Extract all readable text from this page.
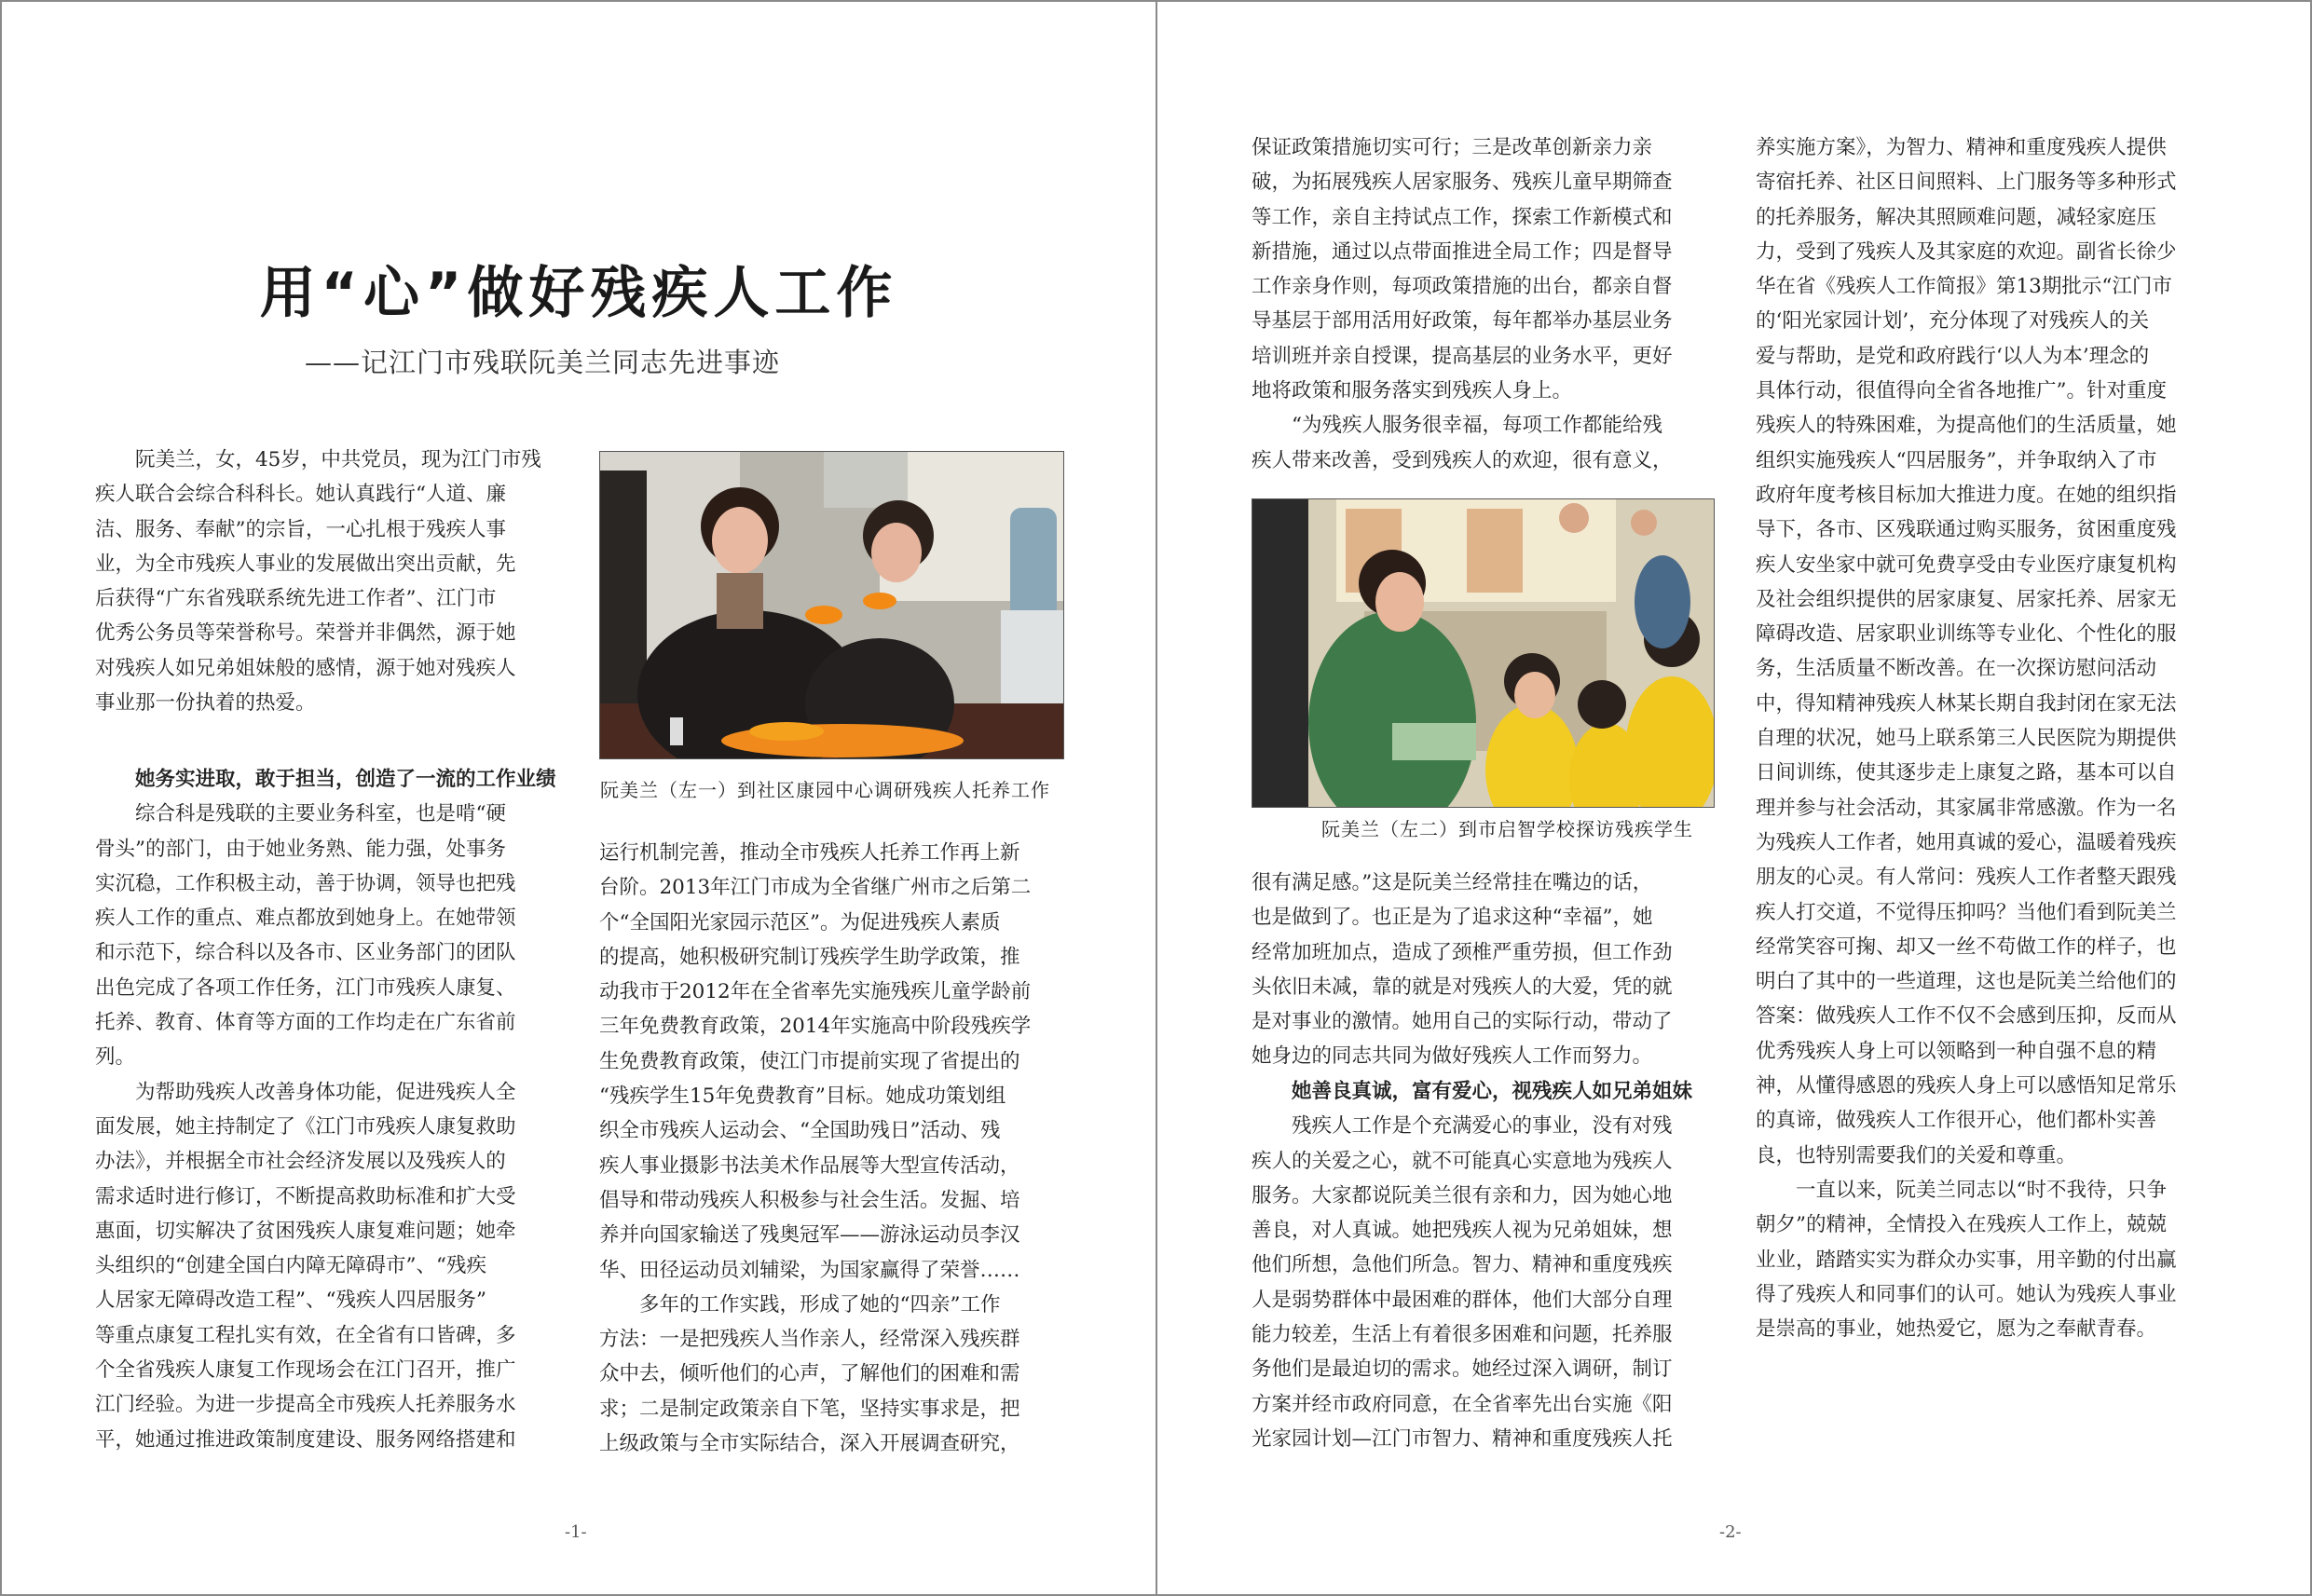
用“心”做好残疾人工作
——记江门市残联阮美兰同志先进事迹

阮美兰，女，45岁，中共党员，现为江门市残

疾人联合会综合科科长。她认真践行“人道、廉

洁、服务、奉献”的宗旨，一心扎根于残疾人事

业，为全市残疾人事业的发展做出突出贡献，先

后获得“广东省残联系统先进工作者”、江门市

优秀公务员等荣誉称号。荣誉并非偶然，源于她

对残疾人如兄弟姐妹般的感情，源于她对残疾人

事业那一份执着的热爱。

她务实进取，敢于担当，创造了一流的工作业绩

综合科是残联的主要业务科室，也是啃“硬

骨头”的部门，由于她业务熟、能力强，处事务

实沉稳，工作积极主动，善于协调，领导也把残

疾人工作的重点、难点都放到她身上。在她带领

和示范下，综合科以及各市、区业务部门的团队

出色完成了各项工作任务，江门市残疾人康复、

托养、教育、体育等方面的工作均走在广东省前

列。

为帮助残疾人改善身体功能，促进残疾人全

面发展，她主持制定了《江门市残疾人康复救助

办法》，并根据全市社会经济发展以及残疾人的

需求适时进行修订，不断提高救助标准和扩大受

惠面，切实解决了贫困残疾人康复难问题；她牵

头组织的“创建全国白内障无障碍市”、“残疾

人居家无障碍改造工程”、“残疾人四居服务”

等重点康复工程扎实有效，在全省有口皆碑，多

个全省残疾人康复工作现场会在江门召开，推广

江门经验。为进一步提高全市残疾人托养服务水

平，她通过推进政策制度建设、服务网络搭建和

阮美兰（左一）到社区康园中心调研残疾人托养工作

运行机制完善，推动全市残疾人托养工作再上新

台阶。2013年江门市成为全省继广州市之后第二

个“全国阳光家园示范区”。为促进残疾人素质

的提高，她积极研究制订残疾学生助学政策，推

动我市于2012年在全省率先实施残疾儿童学龄前

三年免费教育政策，2014年实施高中阶段残疾学

生免费教育政策，使江门市提前实现了省提出的

“残疾学生15年免费教育”目标。她成功策划组

织全市残疾人运动会、“全国助残日”活动、残

疾人事业摄影书法美术作品展等大型宣传活动，

倡导和带动残疾人积极参与社会生活。发掘、培

养并向国家输送了残奥冠军——游泳运动员李汉

华、田径运动员刘辅梁，为国家赢得了荣誉……

多年的工作实践，形成了她的“四亲”工作

方法：一是把残疾人当作亲人，经常深入残疾群

众中去，倾听他们的心声，了解他们的困难和需

求；二是制定政策亲自下笔，坚持实事求是，把

上级政策与全市实际结合，深入开展调查研究，

-1-

保证政策措施切实可行；三是改革创新亲力亲

破，为拓展残疾人居家服务、残疾儿童早期筛查

等工作，亲自主持试点工作，探索工作新模式和

新措施，通过以点带面推进全局工作；四是督导

工作亲身作则，每项政策措施的出台，都亲自督

导基层于部用活用好政策，每年都举办基层业务

培训班并亲自授课，提高基层的业务水平，更好

地将政策和服务落实到残疾人身上。

“为残疾人服务很幸福，每项工作都能给残

疾人带来改善，受到残疾人的欢迎，很有意义，

阮美兰（左二）到市启智学校探访残疾学生

很有满足感。”这是阮美兰经常挂在嘴边的话，

也是做到了。也正是为了追求这种“幸福”，她

经常加班加点，造成了颈椎严重劳损，但工作劲

头依旧未减，靠的就是对残疾人的大爱，凭的就

是对事业的激情。她用自己的实际行动，带动了

她身边的同志共同为做好残疾人工作而努力。

她善良真诚，富有爱心，视残疾人如兄弟姐妹

残疾人工作是个充满爱心的事业，没有对残

疾人的关爱之心，就不可能真心实意地为残疾人

服务。大家都说阮美兰很有亲和力，因为她心地

善良，对人真诚。她把残疾人视为兄弟姐妹，想

他们所想，急他们所急。智力、精神和重度残疾

人是弱势群体中最困难的群体，他们大部分自理

能力较差，生活上有着很多困难和问题，托养服

务他们是最迫切的需求。她经过深入调研，制订

方案并经市政府同意，在全省率先出台实施《阳

光家园计划—江门市智力、精神和重度残疾人托

养实施方案》，为智力、精神和重度残疾人提供

寄宿托养、社区日间照料、上门服务等多种形式

的托养服务，解决其照顾难问题，减轻家庭压

力，受到了残疾人及其家庭的欢迎。副省长徐少

华在省《残疾人工作简报》第13期批示“江门市

的‘阳光家园计划’，充分体现了对残疾人的关

爱与帮助，是党和政府践行‘以人为本’理念的

具体行动，很值得向全省各地推广”。针对重度

残疾人的特殊困难，为提高他们的生活质量，她

组织实施残疾人“四居服务”，并争取纳入了市

政府年度考核目标加大推进力度。在她的组织指

导下，各市、区残联通过购买服务，贫困重度残

疾人安坐家中就可免费享受由专业医疗康复机构

及社会组织提供的居家康复、居家托养、居家无

障碍改造、居家职业训练等专业化、个性化的服

务，生活质量不断改善。在一次探访慰问活动

中，得知精神残疾人林某长期自我封闭在家无法

自理的状况，她马上联系第三人民医院为期提供

日间训练，使其逐步走上康复之路，基本可以自

理并参与社会活动，其家属非常感激。作为一名

为残疾人工作者，她用真诚的爱心，温暖着残疾

朋友的心灵。有人常问：残疾人工作者整天跟残

疾人打交道，不觉得压抑吗？当他们看到阮美兰

经常笑容可掬、却又一丝不苟做工作的样子，也

明白了其中的一些道理，这也是阮美兰给他们的

答案：做残疾人工作不仅不会感到压抑，反而从

优秀残疾人身上可以领略到一种自强不息的精

神，从懂得感恩的残疾人身上可以感悟知足常乐

的真谛，做残疾人工作很开心，他们都朴实善

良，也特别需要我们的关爱和尊重。

一直以来，阮美兰同志以“时不我待，只争

朝夕”的精神，全情投入在残疾人工作上，兢兢

业业，踏踏实实为群众办实事，用辛勤的付出赢

得了残疾人和同事们的认可。她认为残疾人事业

是崇高的事业，她热爱它，愿为之奉献青春。

-2-
